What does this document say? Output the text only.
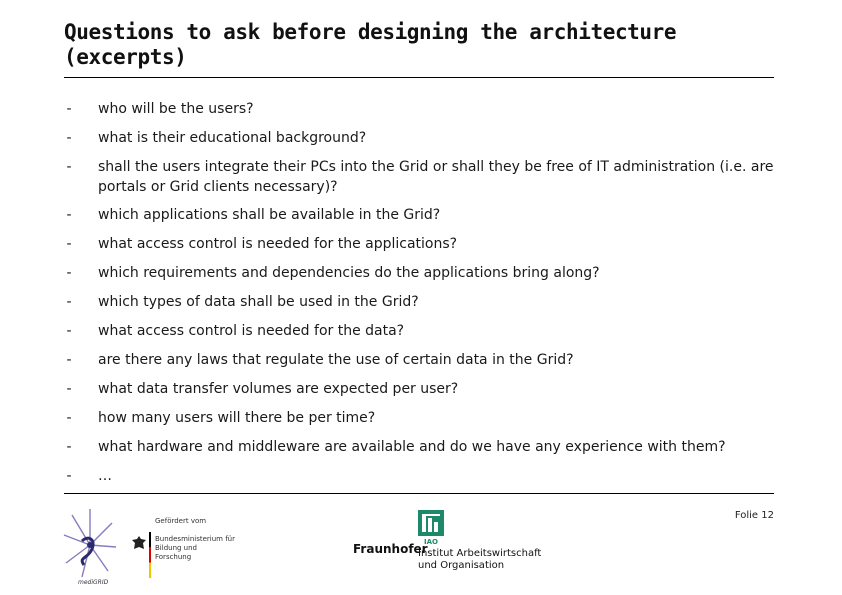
Questions to ask before designing the architecture (excerpts)
-	who will be the users?
-	what is their educational background?
-	shall the users integrate their PCs into the Grid or shall they be free of IT administration (i.e. are portals or Grid clients necessary)?
-	which applications shall be available in the Grid?
-	what access control is needed for the applications?
-	which requirements and dependencies do the applications bring along?
-	which types of data shall be used in the Grid?
-	what access control is needed for the data?
-	are there any laws that regulate the use of certain data in the Grid?
-	what data transfer volumes are expected per user?
-	how many users will there be per time?
-	what hardware and middleware are available and do we have any experience with them?
-	…
Folie 12
mediGRID
Gefördert vom
Bundesministerium für Bildung und Forschung
IAO
Fraunhofer
Institut Arbeitswirtschaft und Organisation
